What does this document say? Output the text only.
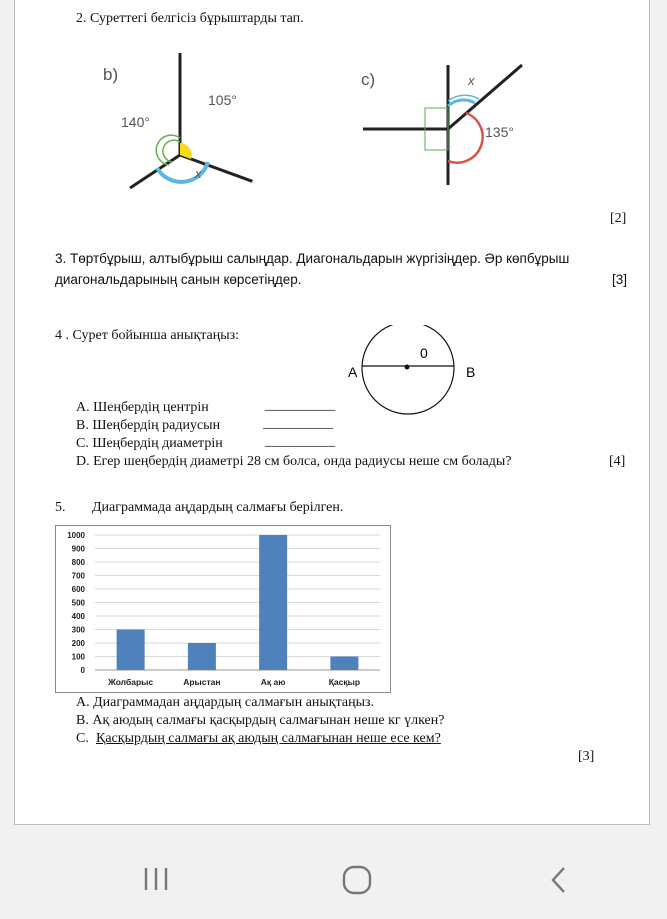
2. Суреттегі белгісіз бұрыштарды тап.
b)
105°
140°
x
c)	x
135°
[2]
3. Төртбұрыш, алтыбұрыш салыңдар. Диагональдарын жүргізіңдер. Әр көпбұрыш
диагональдарының санын көрсетіңдер.	[3]
4 . Сурет бойынша анықтаңыз:
0
A	B
A. Шеңбердің центрін	__________
B. Шеңбердің радиусын	__________
C. Шеңбердің диаметрін	__________
D. Егер шеңбердің диаметрі 28 см болса, онда радиусы неше см болады?	[4]
5. Диаграммада аңдардың салмағы берілген.
0
100
200
300
400
500
600
700
800
900
1000
Жолбарыс	Арыстан	Ақ аю	Қасқыр
A. Диаграммадан аңдардың салмағын анықтаңыз.
B. Ақ аюдың салмағы қасқырдың салмағынан неше кг үлкен?
C. Қасқырдың салмағы ақ аюдың салмағынан неше есе кем?
[3]
